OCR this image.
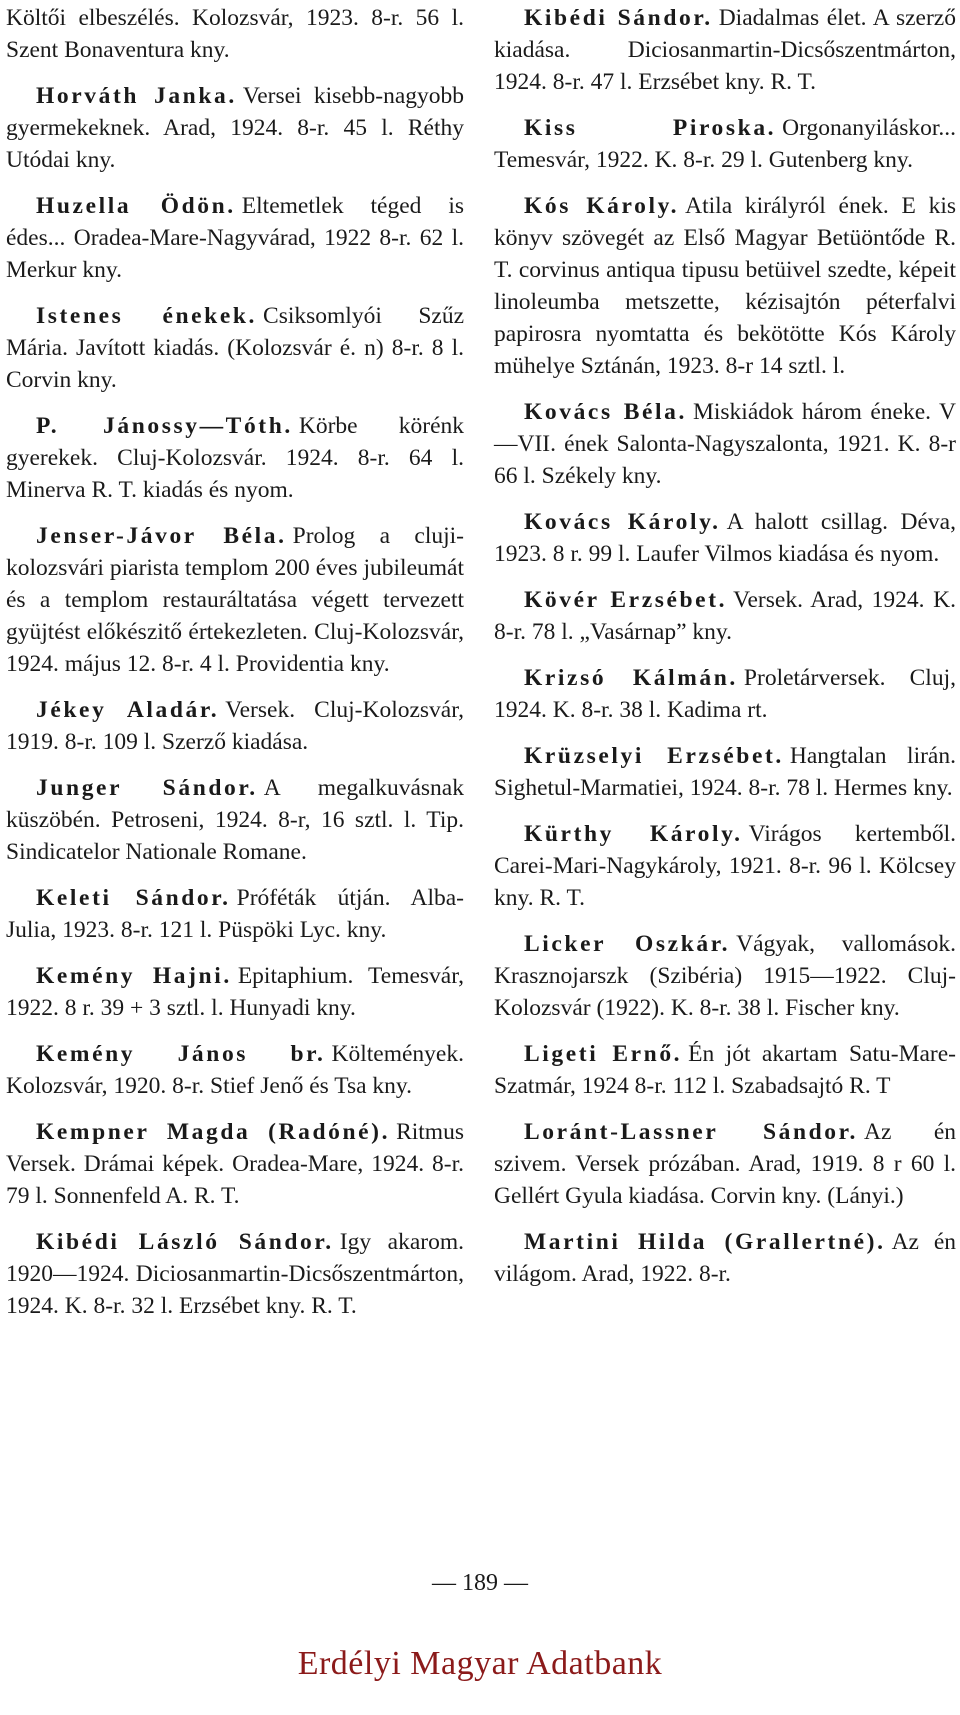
Költői elbeszélés. Kolozsvár, 1923. 8-r. 56 l. Szent Bonaventura kny.

Horváth Janka. Versei kisebb-nagyobb gyermekeknek. Arad, 1924. 8-r. 45 l. Réthy Utódai kny.

Huzella Ödön. Eltemetlek téged is édes... Oradea-Mare-Nagyvárad, 1922 8-r. 62 l. Merkur kny.

Istenes énekek. Csiksomlyói Szűz Mária. Javított kiadás. (Kolozsvár é. n) 8-r. 8 l. Corvin kny.

P. Jánossy—Tóth. Körbe körénk gyerekek. Cluj-Kolozsvár. 1924. 8-r. 64 l. Minerva R. T. kiadás és nyom.

Jenser-Jávor Béla. Prolog a cluji-kolozsvári piarista templom 200 éves jubileumát és a templom restauráltatása végett tervezett gyüjtést előkészitő értekezleten. Cluj-Kolozsvár, 1924. május 12. 8-r. 4 l. Providentia kny.

Jékey Aladár. Versek. Cluj-Kolozsvár, 1919. 8-r. 109 l. Szerző kiadása.

Junger Sándor. A megalkuvásnak küszöbén. Petroseni, 1924. 8-r, 16 sztl. l. Tip. Sindicatelor Nationale Romane.

Keleti Sándor. Próféták útján. Alba-Julia, 1923. 8-r. 121 l. Püspöki Lyc. kny.

Kemény Hajni. Epitaphium. Temesvár, 1922. 8 r. 39 + 3 sztl. l. Hunyadi kny.

Kemény János br. Költemények. Kolozsvár, 1920. 8-r. Stief Jenő és Tsa kny.

Kempner Magda (Radóné). Ritmus Versek. Drámai képek. Oradea-Mare, 1924. 8-r. 79 l. Sonnenfeld A. R. T.

Kibédi László Sándor. Igy akarom. 1920—1924. Diciosanmartin-Dicsőszentmárton, 1924. K. 8-r. 32 l. Erzsébet kny. R. T.

Kibédi Sándor. Diadalmas élet. A szerző kiadása. Diciosanmartin-Dicsőszentmárton, 1924. 8-r. 47 l. Erzsébet kny. R. T.

Kiss Piroska. Orgonanyiláskor... Temesvár, 1922. K. 8-r. 29 l. Gutenberg kny.

Kós Károly. Atila királyról ének. E kis könyv szövegét az Első Magyar Betüöntőde R. T. corvinus antiqua tipusu betüivel szedte, képeit linoleumba metszette, kézisajtón péterfalvi papirosra nyomtatta és bekötötte Kós Károly mühelye Sztánán, 1923. 8-r 14 sztl. l.

Kovács Béla. Miskiádok három éneke. V—VII. ének Salonta-Nagyszalonta, 1921. K. 8-r 66 l. Székely kny.

Kovács Károly. A halott csillag. Déva, 1923. 8 r. 99 l. Laufer Vilmos kiadása és nyom.

Kövér Erzsébet. Versek. Arad, 1924. K. 8-r. 78 l. „Vasárnap” kny.

Krizsó Kálmán. Proletárversek. Cluj, 1924. K. 8-r. 38 l. Kadima rt.

Krüzselyi Erzsébet. Hangtalan lirán. Sighetul-Marmatiei, 1924. 8-r. 78 l. Hermes kny.

Kürthy Károly. Virágos kertemből. Carei-Mari-Nagykároly, 1921. 8-r. 96 l. Kölcsey kny. R. T.

Licker Oszkár. Vágyak, vallomások. Krasznojarszk (Szibéria) 1915—1922. Cluj-Kolozsvár (1922). K. 8-r. 38 l. Fischer kny.

Ligeti Ernő. Én jót akartam Satu-Mare-Szatmár, 1924 8-r. 112 l. Szabadsajtó R. T

Loránt-Lassner Sándor. Az én szivem. Versek prózában. Arad, 1919. 8 r 60 l. Gellért Gyula kiadása. Corvin kny. (Lányi.)

Martini Hilda (Grallertné). Az én világom. Arad, 1922. 8-r.

— 189 —
Erdélyi Magyar Adatbank
